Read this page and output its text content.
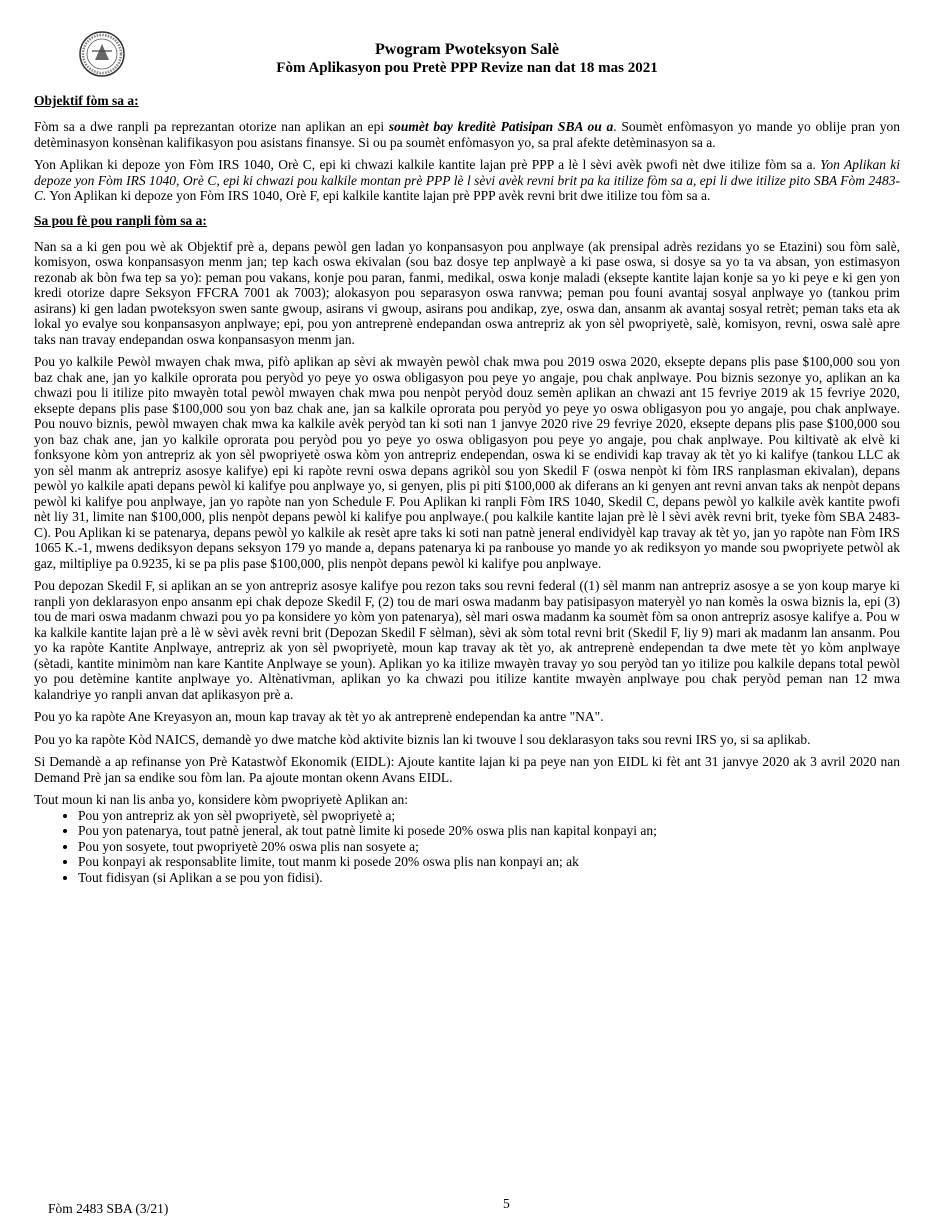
Pwogram Pwoteksyon Salè
Fòm Aplikasyon pou Pretè PPP Revize nan dat 18 mas 2021
Objektif fòm sa a:

Fòm sa a dwe ranpli pa reprezantan otorize nan aplikan an epi soumèt bay kreditè Patisipan SBA ou a. Soumèt enfòmasyon yo mande yo oblije pran yon detèminasyon konsènan kalifikasyon pou asistans finansye. Si ou pa soumèt enfòmasyon yo, sa pral afekte detèminasyon sa a.

Yon Aplikan ki depoze yon Fòm IRS 1040, Orè C, epi ki chwazi kalkile kantite lajan prè PPP a lè l sèvi avèk pwofi nèt dwe itilize fòm sa a. Yon Aplikan ki depoze yon Fòm IRS 1040, Orè C, epi ki chwazi pou kalkile montan prè PPP lè l sèvi avèk revni brit pa ka itilize fòm sa a, epi li dwe itilize pito SBA Fòm 2483-C. Yon Aplikan ki depoze yon Fòm IRS 1040, Orè F, epi kalkile kantite lajan prè PPP avèk revni brit dwe itilize tou fòm sa a.

Sa pou fè pou ranpli fòm sa a:

Nan sa a ki gen pou wè ak Objektif prè a, depans pewòl gen ladan yo konpansasyon pou anplwaye (ak prensipal adrès rezidans yo se Etazini) sou fòm salè, komisyon, oswa konpansasyon menm jan; tep kach oswa ekivalan (sou baz dosye tep anplwayè a ki pase oswa, si dosye sa yo ta va absan, yon estimasyon rezonab ak bòn fwa tep sa yo): peman pou vakans, konje pou paran, fanmi, medikal, oswa konje maladi (eksepte kantite lajan konje sa yo ki peye e ki gen yon kredi otorize dapre Seksyon FFCRA 7001 ak 7003); alokasyon pou separasyon oswa ranvwa; peman pou founi avantaj sosyal anplwaye yo (tankou prim asirans) ki gen ladan pwoteksyon swen sante gwoup, asirans vi gwoup, asirans pou andikap, zye, oswa dan, ansanm ak avantaj sosyal retrèt; peman taks eta ak lokal yo evalye sou konpansasyon anplwaye; epi, pou yon antreprenè endepandan oswa antrepriz ak yon sèl pwopriyetè, salè, komisyon, revni, oswa salè apre taks nan travay endepandan oswa konpansasyon menm jan.

Pou yo kalkile Pewòl mwayen chak mwa, pifò aplikan ap sèvi ak mwayèn pewòl chak mwa pou 2019 oswa 2020, eksepte depans plis pase $100,000 sou yon baz chak ane, jan yo kalkile oprorata pou peryòd yo peye yo oswa obligasyon pou peye yo angaje, pou chak anplwaye. Pou biznis sezonye yo, aplikan an ka chwazi pou li itilize pito mwayèn total pewòl mwayen chak mwa pou nenpòt peryòd douz semèn aplikan an chwazi ant 15 fevriye 2019 ak 15 fevriye 2020, eksepte depans plis pase $100,000 sou yon baz chak ane, jan sa kalkile oprorata pou peryòd yo peye yo oswa obligasyon pou yo angaje, pou chak anplwaye. Pou nouvo biznis, pewòl mwayen chak mwa ka kalkile avèk peryòd tan ki soti nan 1 janvye 2020 rive 29 fevriye 2020, eksepte depans plis pase $100,000 sou yon baz chak ane, jan yo kalkile oprorata pou peryòd pou yo peye yo oswa obligasyon pou peye yo angaje, pou chak anplwaye. Pou kiltivatè ak elvè ki fonksyone kòm yon antrepriz ak yon sèl pwopriyetè oswa kòm yon antrepriz endependan, oswa ki se endividi kap travay ak tèt yo ki kalifye (tankou LLC ak yon sèl manm ak antrepriz asosye kalifye) epi ki rapòte revni oswa depans agrikòl sou yon Skedil F (oswa nenpòt ki fòm IRS ranplasman ekivalan), depans pewòl yo kalkile apati depans pewòl ki kalifye pou anplwaye yo, si genyen, plis pi piti $100,000 ak diferans an ki genyen ant revni anvan taks ak nenpòt depans pewòl ki kalifye pou anplwaye, jan yo rapòte nan yon Schedule F. Pou Aplikan ki ranpli Fòm IRS 1040, Skedil C, depans pewòl yo kalkile avèk kantite pwofi nèt liy 31, limite nan $100,000, plis nenpòt depans pewòl ki kalifye pou anplwaye.( pou kalkile kantite lajan prè lè l sèvi avèk revni brit, tyeke fòm SBA 2483-C). Pou Aplikan ki se patenarya, depans pewòl yo kalkile ak resèt apre taks ki soti nan patnè jeneral endividyèl kap travay ak tèt yo, jan yo rapòte nan Fòm IRS 1065 K.-1, mwens dediksyon depans seksyon 179 yo mande a, depans patenarya ki pa ranbouse yo mande yo ak rediksyon yo mande sou pwopriyete petwòl ak gaz, miltipliye pa 0.9235, ki se pa plis pase $100,000, plis nenpòt depans pewòl ki kalifye pou anplwaye.

Pou depozan Skedil F, si aplikan an se yon antrepriz asosye kalifye pou rezon taks sou revni federal ((1) sèl manm nan antrepriz asosye a se yon koup marye ki ranpli yon deklarasyon enpo ansanm epi chak depoze Skedil F, (2) tou de mari oswa madanm bay patisipasyon materyèl yo nan komès la oswa biznis la, epi (3) tou de mari oswa madanm chwazi pou yo pa konsidere yo kòm yon patenarya), sèl mari oswa madanm ka soumèt fòm sa onon antrepriz asosye kalifye a. Pou w ka kalkile kantite lajan prè a lè w sèvi avèk revni brit (Depozan Skedil F sèlman), sèvi ak sòm total revni brit (Skedil F, liy 9) mari ak madanm lan ansanm. Pou yo ka rapòte Kantite Anplwaye, antrepriz ak yon sèl pwopriyetè, moun kap travay ak tèt yo, ak antreprenè endependan ta dwe mete tèt yo kòm anplwaye (sètadi, kantite minimòm nan kare Kantite Anplwaye se youn). Aplikan yo ka itilize mwayèn travay yo sou peryòd tan yo itilize pou kalkile depans total pewòl yo pou detèmine kantite anplwaye yo. Altènativman, aplikan yo ka chwazi pou itilize kantite mwayèn anplwaye pou chak peryòd peman nan 12 mwa kalandriye yo ranpli anvan dat aplikasyon prè a.

Pou yo ka rapòte Ane Kreyasyon an, moun kap travay ak tèt yo ak antreprenè endependan ka antre "NA".

Pou yo ka rapòte Kòd NAICS, demandè yo dwe matche kòd aktivite biznis lan ki twouve l sou deklarasyon taks sou revni IRS yo, si sa aplikab.

Si Demandè a ap refinanse yon Prè Katastwòf Ekonomik (EIDL): Ajoute kantite lajan ki pa peye nan yon EIDL ki fèt ant 31 janvye 2020 ak 3 avril 2020 nan Demand Prè jan sa endike sou fòm lan. Pa ajoute montan okenn Avans EIDL.

Tout moun ki nan lis anba yo, konsidere kòm pwopriyetè Aplikan an:

• Pou yon antrepriz ak yon sèl pwopriyetè, sèl pwopriyetè a;
• Pou yon patenarya, tout patnè jeneral, ak tout patnè limite ki posede 20% oswa plis nan kapital konpayi an;
• Pou yon sosyete, tout pwopriyetè 20% oswa plis nan sosyete a;
• Pou konpayi ak responsablite limite, tout manm ki posede 20% oswa plis nan konpayi an; ak
• Tout fidisyan (si Aplikan a se pou yon fidisi).
Fòm 2483 SBA (3/21)	5
